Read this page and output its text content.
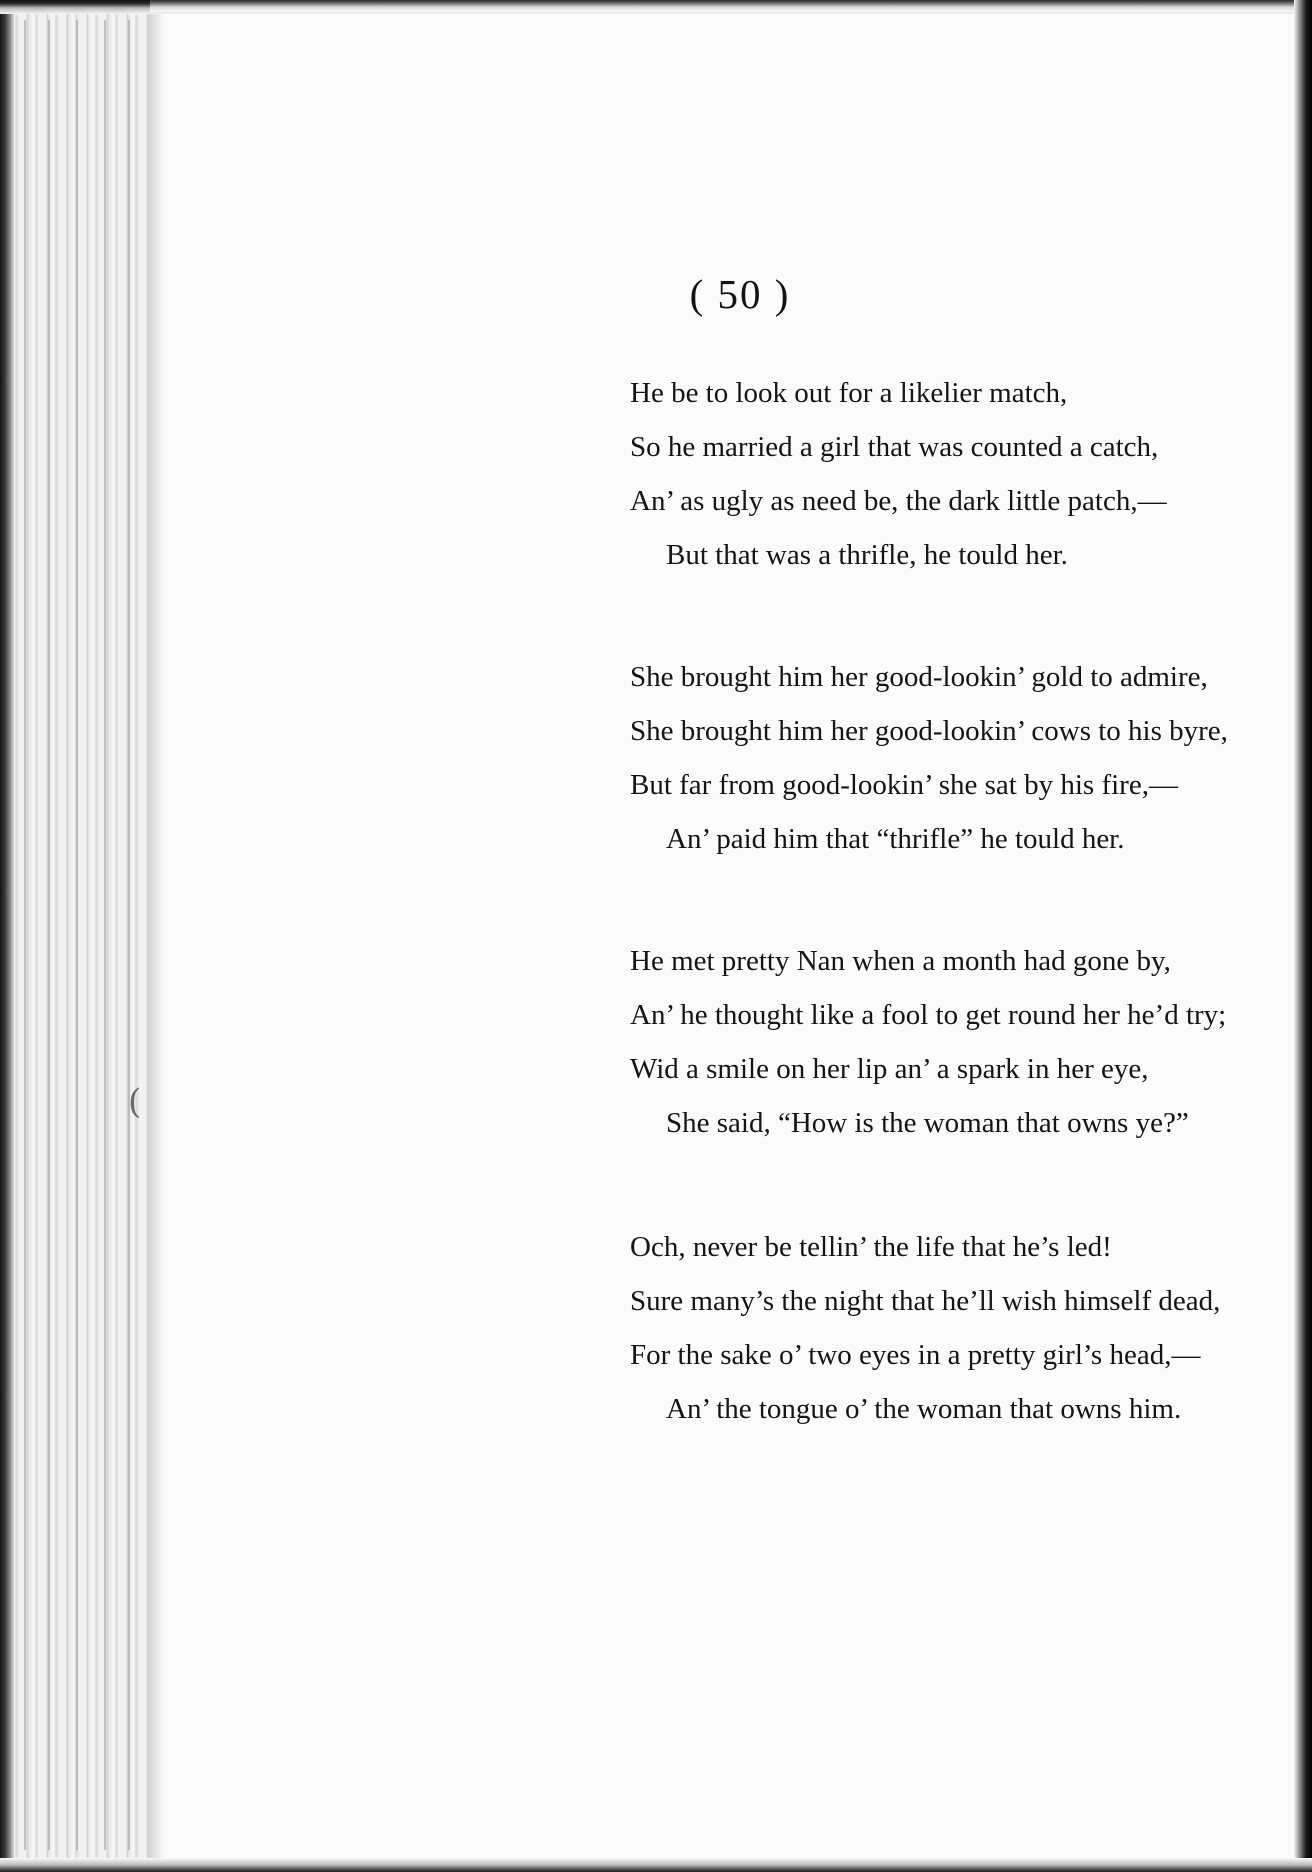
(
( 50 )
He be to look out for a likelier match,
So he married a girl that was counted a catch,
An’ as ugly as need be, the dark little patch,—
But that was a thrifle, he tould her.
She brought him her good-lookin’ gold to admire,
She brought him her good-lookin’ cows to his byre,
But far from good-lookin’ she sat by his fire,—
An’ paid him that “thrifle” he tould her.
He met pretty Nan when a month had gone by,
An’ he thought like a fool to get round her he’d try;
Wid a smile on her lip an’ a spark in her eye,
She said, “How is the woman that owns ye?”
Och, never be tellin’ the life that he’s led!
Sure many’s the night that he’ll wish himself dead,
For the sake o’ two eyes in a pretty girl’s head,—
An’ the tongue o’ the woman that owns him.
